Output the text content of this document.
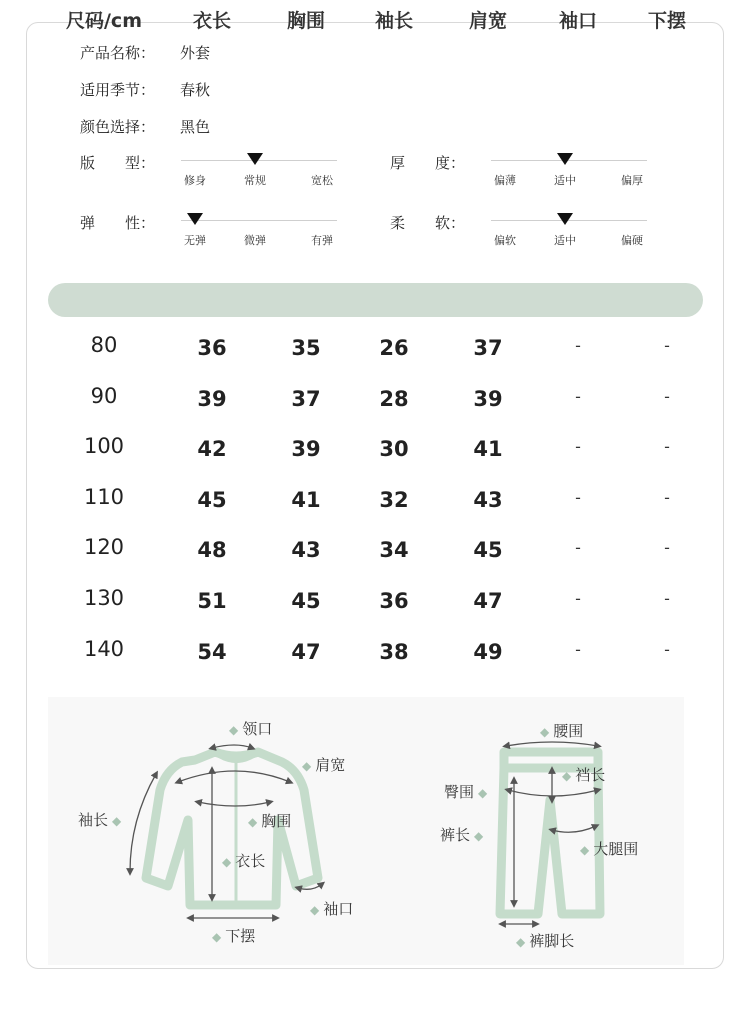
产品名称： 外套
适用季节： 春秋
颜色选择： 黑色
版　　型：
修身	常规	宽松
厚　　度：
偏薄	适中	偏厚
弹　　性：
无弹	微弹	有弹
柔　　软：
偏软	适中	偏硬
尺码/cm	衣长	胸围	袖长	肩宽	袖口	下摆
80	36	35	26	37	-	-
90	39	37	28	39	-	-
100	42	39	30	41	-	-
110	45	41	32	43	-	-
120	48	43	34	45	-	-
130	51	45	36	47	-	-
140	54	47	38	49	-	-
◆ 领口
◆ 肩宽
◆ 胸围
袖长 ◆
◆ 衣长
◆ 袖口
◆ 下摆
◆ 腰围
◆ 裆长
臀围 ◆
裤长 ◆
◆ 大腿围
◆ 裤脚长
